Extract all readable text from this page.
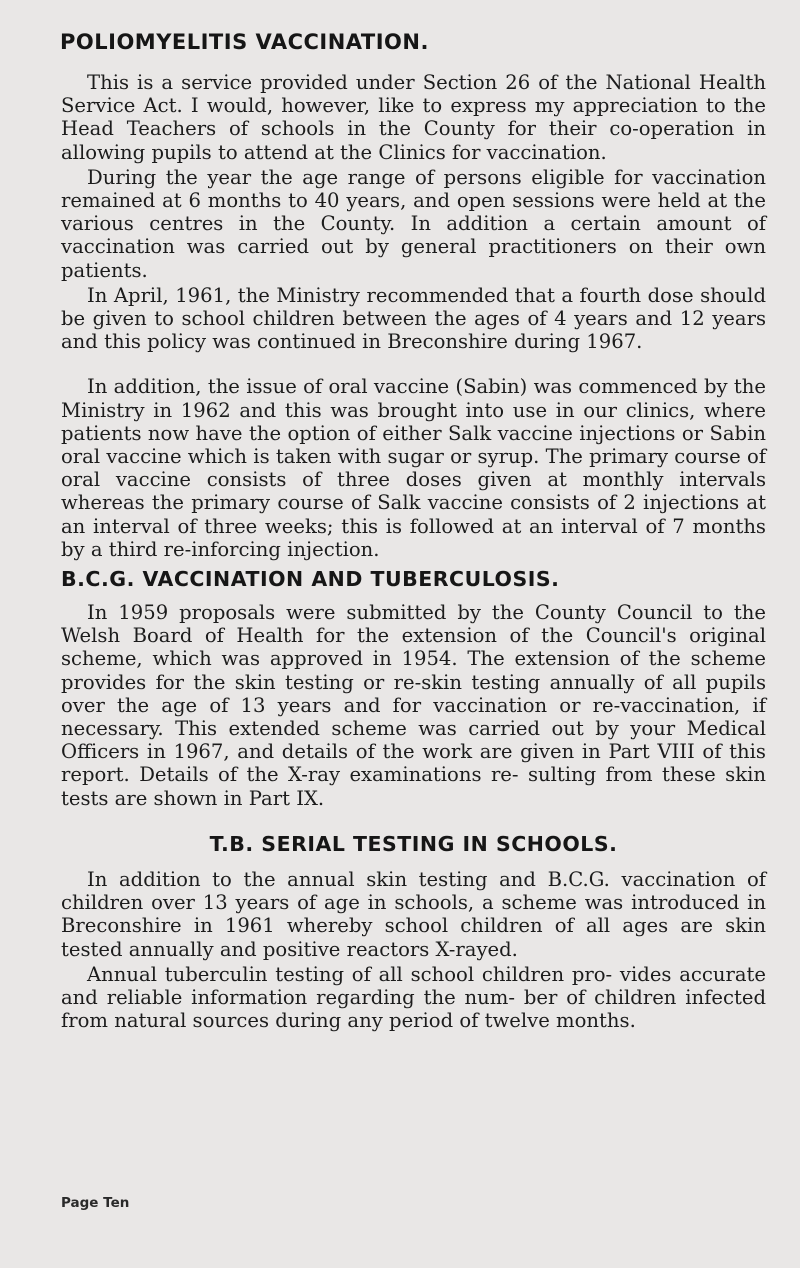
POLIOMYELITIS VACCINATION.

This is a service provided under Section 26 of the National Health Service Act. I would, however, like to express my appreciation to the Head Teachers of schools in the County for their co-operation in allowing pupils to attend at the Clinics for vaccination.

During the year the age range of persons eligible for vaccination remained at 6 months to 40 years, and open sessions were held at the various centres in the County. In addition a certain amount of vaccination was carried out by general practitioners on their own patients.

In April, 1961, the Ministry recommended that a fourth dose should be given to school children between the ages of 4 years and 12 years and this policy was continued in Breconshire during 1967.

In addition, the issue of oral vaccine (Sabin) was commenced by the Ministry in 1962 and this was brought into use in our clinics, where patients now have the option of either Salk vaccine injections or Sabin oral vaccine which is taken with sugar or syrup. The primary course of oral vaccine consists of three doses given at monthly intervals whereas the primary course of Salk vaccine consists of 2 injections at an interval of three weeks; this is followed at an interval of 7 months by a third re-inforcing injection.

B.C.G. VACCINATION AND TUBERCULOSIS.

In 1959 proposals were submitted by the County Council to the Welsh Board of Health for the extension of the Council's original scheme, which was approved in 1954. The extension of the scheme provides for the skin testing or re-skin testing annually of all pupils over the age of 13 years and for vaccination or re-vaccination, if necessary. This extended scheme was carried out by your Medical Officers in 1967, and details of the work are given in Part VIII of this report. Details of the X-ray examinations re- sulting from these skin tests are shown in Part IX.

T.B. SERIAL TESTING IN SCHOOLS.

In addition to the annual skin testing and B.C.G. vaccination of children over 13 years of age in schools, a scheme was introduced in Breconshire in 1961 whereby school children of all ages are skin tested annually and positive reactors X-rayed.

Annual tuberculin testing of all school children pro- vides accurate and reliable information regarding the num- ber of children infected from natural sources during any period of twelve months.

Page Ten
